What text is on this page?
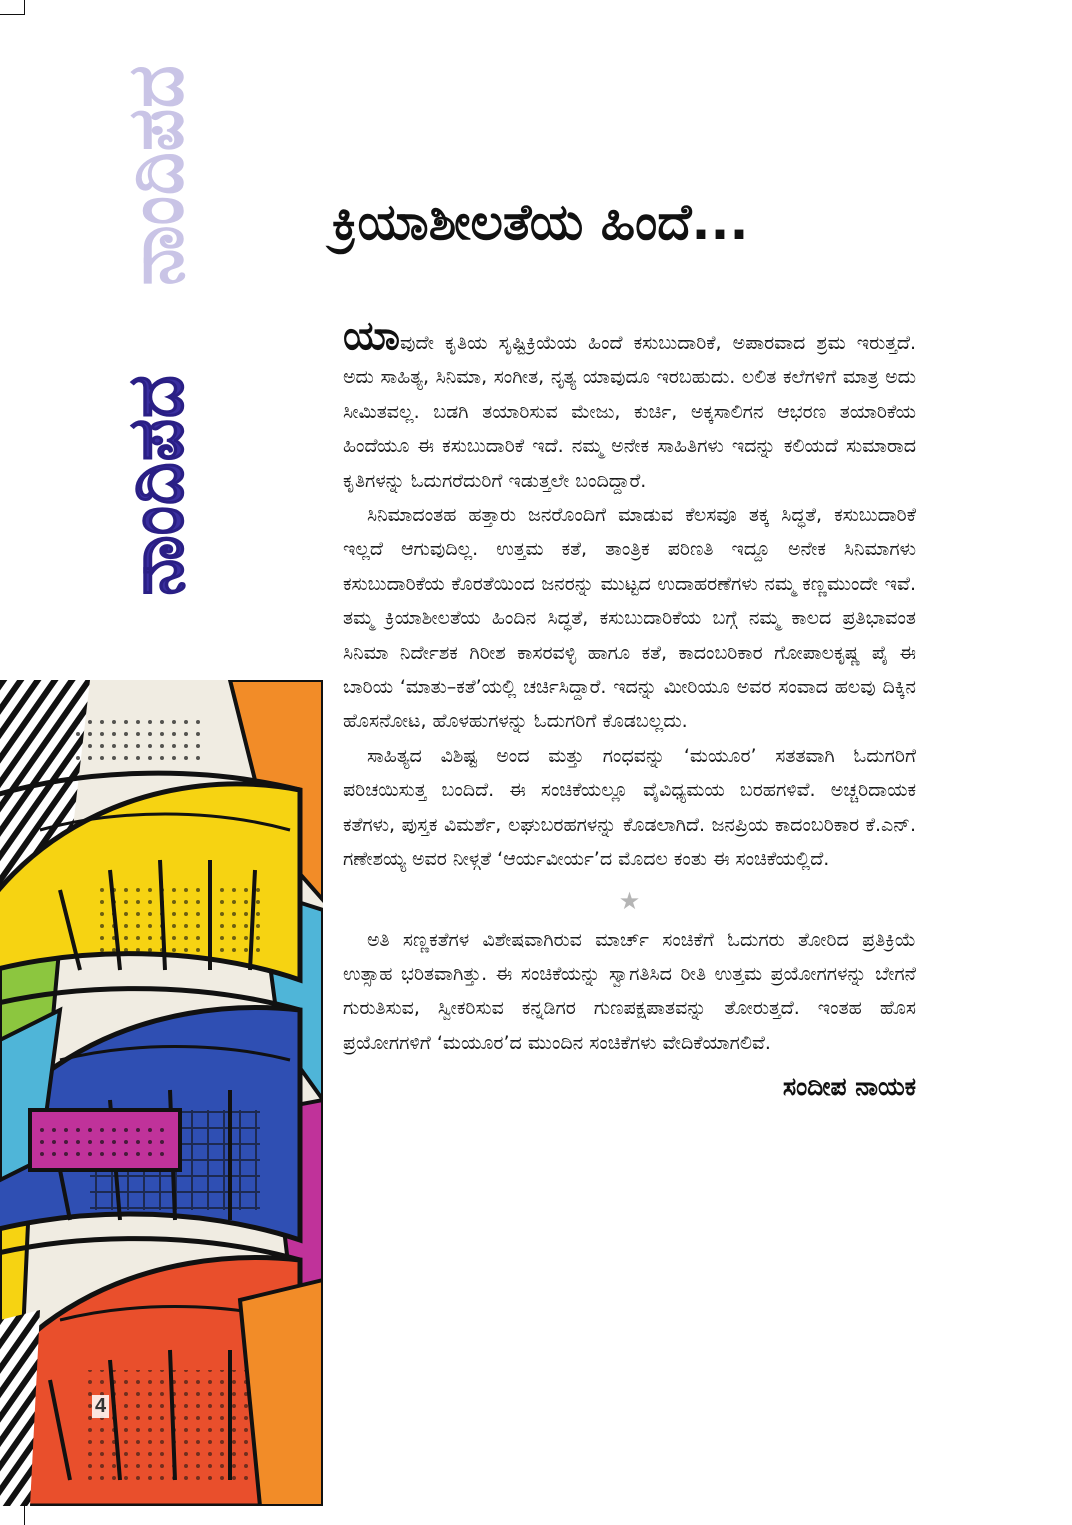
ನಾಂದಿಪದ
ನಾಂದಿಪದ
4
ಕ್ರಿಯಾಶೀಲತೆಯ ಹಿಂದೆ...

ಯಾವುದೇ ಕೃತಿಯ ಸೃಷ್ಟಿಕ್ರಿಯೆಯ ಹಿಂದೆ ಕಸುಬುದಾರಿಕೆ, ಅಪಾರವಾದ ಶ್ರಮ ಇರುತ್ತದೆ. ಅದು ಸಾಹಿತ್ಯ, ಸಿನಿಮಾ, ಸಂಗೀತ, ನೃತ್ಯ ಯಾವುದೂ ಇರಬಹುದು. ಲಲಿತ ಕಲೆಗಳಿಗೆ ಮಾತ್ರ ಅದು ಸೀಮಿತವಲ್ಲ. ಬಡಗಿ ತಯಾರಿಸುವ ಮೇಜು, ಕುರ್ಚಿ, ಅಕ್ಕಸಾಲಿಗನ ಆಭರಣ ತಯಾರಿಕೆಯ ಹಿಂದೆಯೂ ಈ ಕಸುಬುದಾರಿಕೆ ಇದೆ. ನಮ್ಮ ಅನೇಕ ಸಾಹಿತಿಗಳು ಇದನ್ನು ಕಲಿಯದೆ ಸುಮಾರಾದ ಕೃತಿಗಳನ್ನು ಓದುಗರೆದುರಿಗೆ ಇಡುತ್ತಲೇ ಬಂದಿದ್ದಾರೆ.

ಸಿನಿಮಾದಂತಹ ಹತ್ತಾರು ಜನರೊಂದಿಗೆ ಮಾಡುವ ಕೆಲಸವೂ ತಕ್ಕ ಸಿದ್ಧತೆ, ಕಸುಬುದಾರಿಕೆ ಇಲ್ಲದೆ ಆಗುವುದಿಲ್ಲ. ಉತ್ತಮ ಕತೆ, ತಾಂತ್ರಿಕ ಪರಿಣತಿ ಇದ್ದೂ ಅನೇಕ ಸಿನಿಮಾಗಳು ಕಸುಬುದಾರಿಕೆಯ ಕೊರತೆಯಿಂದ ಜನರನ್ನು ಮುಟ್ಟದ ಉದಾಹರಣೆಗಳು ನಮ್ಮ ಕಣ್ಣಮುಂದೇ ಇವೆ. ತಮ್ಮ ಕ್ರಿಯಾಶೀಲತೆಯ ಹಿಂದಿನ ಸಿದ್ಧತೆ, ಕಸುಬುದಾರಿಕೆಯ ಬಗ್ಗೆ ನಮ್ಮ ಕಾಲದ ಪ್ರತಿಭಾವಂತ ಸಿನಿಮಾ ನಿರ್ದೇಶಕ ಗಿರೀಶ ಕಾಸರವಳ್ಳಿ ಹಾಗೂ ಕತೆ, ಕಾದಂಬರಿಕಾರ ಗೋಪಾಲಕೃಷ್ಣ ಪೈ ಈ ಬಾರಿಯ ‘ಮಾತು–ಕತೆ’ಯಲ್ಲಿ ಚರ್ಚಿಸಿದ್ದಾರೆ. ಇದನ್ನು ಮೀರಿಯೂ ಅವರ ಸಂವಾದ ಹಲವು ದಿಕ್ಕಿನ ಹೊಸನೋಟ, ಹೊಳಹುಗಳನ್ನು ಓದುಗರಿಗೆ ಕೊಡಬಲ್ಲದು.

ಸಾಹಿತ್ಯದ ವಿಶಿಷ್ಟ ಅಂದ ಮತ್ತು ಗಂಧವನ್ನು ‘ಮಯೂರ’ ಸತತವಾಗಿ ಓದುಗರಿಗೆ ಪರಿಚಯಿಸುತ್ತ ಬಂದಿದೆ. ಈ ಸಂಚಿಕೆಯಲ್ಲೂ ವೈವಿಧ್ಯಮಯ ಬರಹಗಳಿವೆ. ಅಚ್ಚರಿದಾಯಕ ಕತೆಗಳು, ಪುಸ್ತಕ ವಿಮರ್ಶೆ, ಲಘುಬರಹಗಳನ್ನು ಕೊಡಲಾಗಿದೆ. ಜನಪ್ರಿಯ ಕಾದಂಬರಿಕಾರ ಕೆ.ಎನ್. ಗಣೇಶಯ್ಯ ಅವರ ನೀಳ್ಗತೆ ‘ಆರ್ಯವೀರ್ಯ’ದ ಮೊದಲ ಕಂತು ಈ ಸಂಚಿಕೆಯಲ್ಲಿದೆ.

★

ಅತಿ ಸಣ್ಣಕತೆಗಳ ವಿಶೇಷವಾಗಿರುವ ಮಾರ್ಚ್ ಸಂಚಿಕೆಗೆ ಓದುಗರು ತೋರಿದ ಪ್ರತಿಕ್ರಿಯೆ ಉತ್ಸಾಹ ಭರಿತವಾಗಿತ್ತು. ಈ ಸಂಚಿಕೆಯನ್ನು ಸ್ವಾಗತಿಸಿದ ರೀತಿ ಉತ್ತಮ ಪ್ರಯೋಗಗಳನ್ನು ಬೇಗನೆ ಗುರುತಿಸುವ, ಸ್ವೀಕರಿಸುವ ಕನ್ನಡಿಗರ ಗುಣಪಕ್ಷಪಾತವನ್ನು ತೋರುತ್ತದೆ. ಇಂತಹ ಹೊಸ ಪ್ರಯೋಗಗಳಿಗೆ ‘ಮಯೂರ’ದ ಮುಂದಿನ ಸಂಚಿಕೆಗಳು ವೇದಿಕೆಯಾಗಲಿವೆ.

ಸಂದೀಪ ನಾಯಕ
